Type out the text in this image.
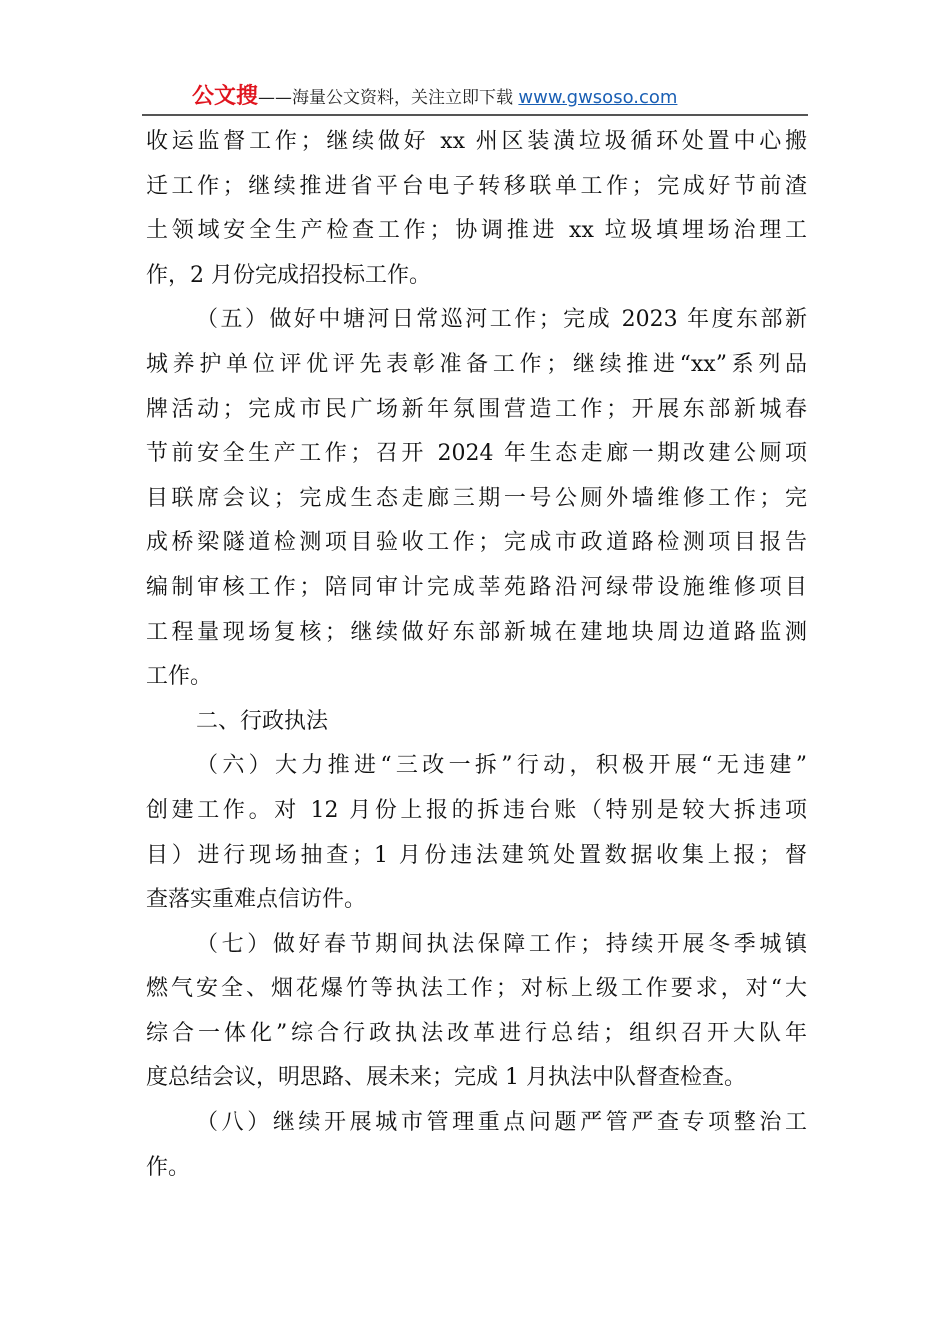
公文搜——海量公文资料，关注立即下载 www.gwsoso.com
收运监督工作；继续做好 xx 州区装潢垃圾循环处置中心搬
迁工作；继续推进省平台电子转移联单工作；完成好节前渣
土领域安全生产检查工作；协调推进 xx 垃圾填埋场治理工
作，2 月份完成招投标工作。
（五）做好中塘河日常巡河工作；完成 2023 年度东部新
城养护单位评优评先表彰准备工作；继续推进“xx”系列品
牌活动；完成市民广场新年氛围营造工作；开展东部新城春
节前安全生产工作；召开 2024 年生态走廊一期改建公厕项
目联席会议；完成生态走廊三期一号公厕外墙维修工作；完
成桥梁隧道检测项目验收工作；完成市政道路检测项目报告
编制审核工作；陪同审计完成莘苑路沿河绿带设施维修项目
工程量现场复核；继续做好东部新城在建地块周边道路监测
工作。
二、行政执法
（六）大力推进“三改一拆”行动，积极开展“无违建”
创建工作。对 12 月份上报的拆违台账（特别是较大拆违项
目）进行现场抽查；1 月份违法建筑处置数据收集上报；督
查落实重难点信访件。
（七）做好春节期间执法保障工作；持续开展冬季城镇
燃气安全、烟花爆竹等执法工作；对标上级工作要求，对“大
综合一体化”综合行政执法改革进行总结；组织召开大队年
度总结会议，明思路、展未来；完成 1 月执法中队督查检查。
（八）继续开展城市管理重点问题严管严查专项整治工
作。
